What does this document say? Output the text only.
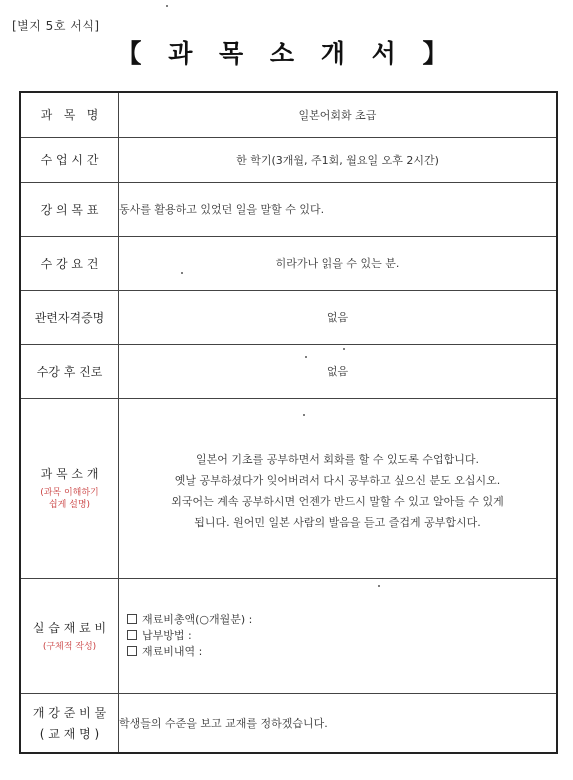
[별지 5호 서식]
【 과 목 소 개 서 】
과   목   명	일본어회화 초급
수 업 시 간	한 학기(3개월, 주1회, 월요일 오후 2시간)
강 의 목 표	동사를 활용하고 있었던 일을 말할 수 있다.
수 강 요 건	히라가나 읽을 수 있는 분.
관련자격증명	없음
수강 후 진로	없음
과 목 소 개
(과목 이해하기
쉽게 설명)	일본어 기초를 공부하면서 회화를 할 수 있도록 수업합니다.
옛날 공부하셨다가 잊어버려서 다시 공부하고 싶으신 분도 오십시오.
외국어는 계속 공부하시면 언젠가 반드시 말할 수 있고 알아들 수 있게
됩니다. 원어민 일본 사람의 발음을 듣고 즐겁게 공부합시다.

실 습 재 료 비
(구체적 작성)	재료비총액(○개월분) :
납부방법 :
재료비내역 :

개 강 준 비 물
( 교 재 명 )	학생들의 수준을 보고 교재를 정하겠습니다.
